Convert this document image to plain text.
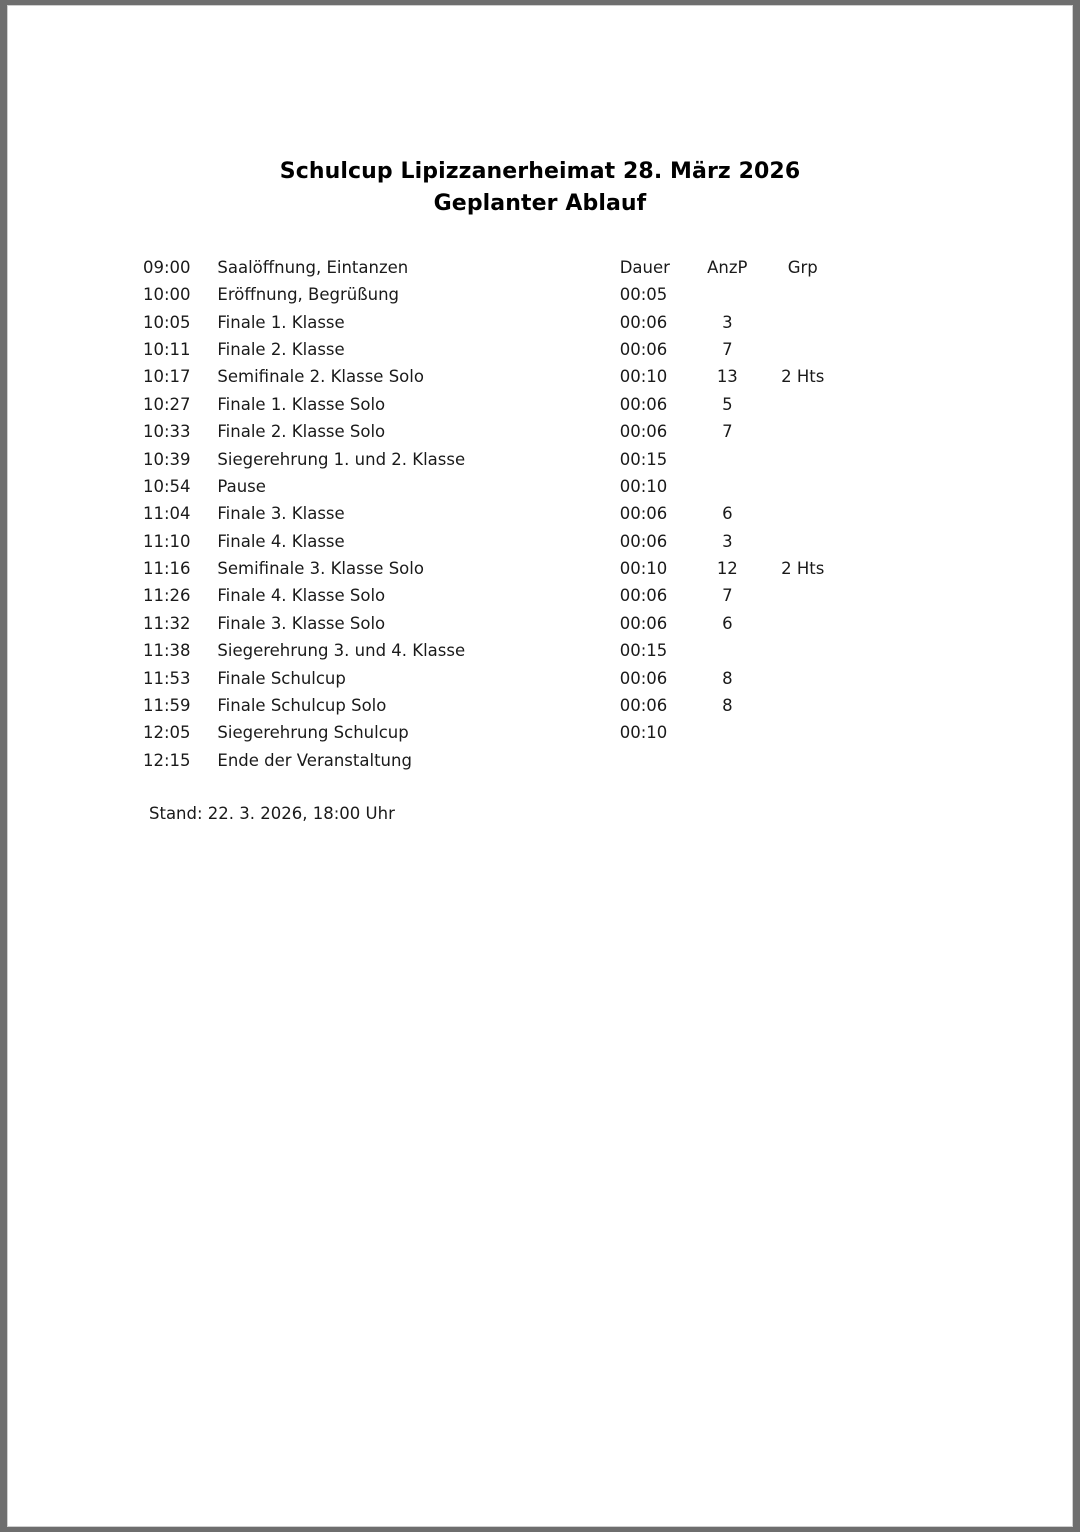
Schulcup Lipizzanerheimat 28. März 2026
Geplanter Ablauf
09:00	Saalöffnung, Eintanzen	Dauer	AnzP	Grp
10:00	Eröffnung, Begrüßung	00:05		
10:05	Finale 1. Klasse	00:06	3	
10:11	Finale 2. Klasse	00:06	7	
10:17	Semifinale 2. Klasse Solo	00:10	13	2 Hts
10:27	Finale 1. Klasse Solo	00:06	5	
10:33	Finale 2. Klasse Solo	00:06	7	
10:39	Siegerehrung 1. und 2. Klasse	00:15		
10:54	Pause	00:10		
11:04	Finale 3. Klasse	00:06	6	
11:10	Finale 4. Klasse	00:06	3	
11:16	Semifinale 3. Klasse Solo	00:10	12	2 Hts
11:26	Finale 4. Klasse Solo	00:06	7	
11:32	Finale 3. Klasse Solo	00:06	6	
11:38	Siegerehrung 3. und 4. Klasse	00:15		
11:53	Finale Schulcup	00:06	8	
11:59	Finale Schulcup Solo	00:06	8	
12:05	Siegerehrung Schulcup	00:10		
12:15	Ende der Veranstaltung			
Stand: 22. 3. 2026, 18:00 Uhr
